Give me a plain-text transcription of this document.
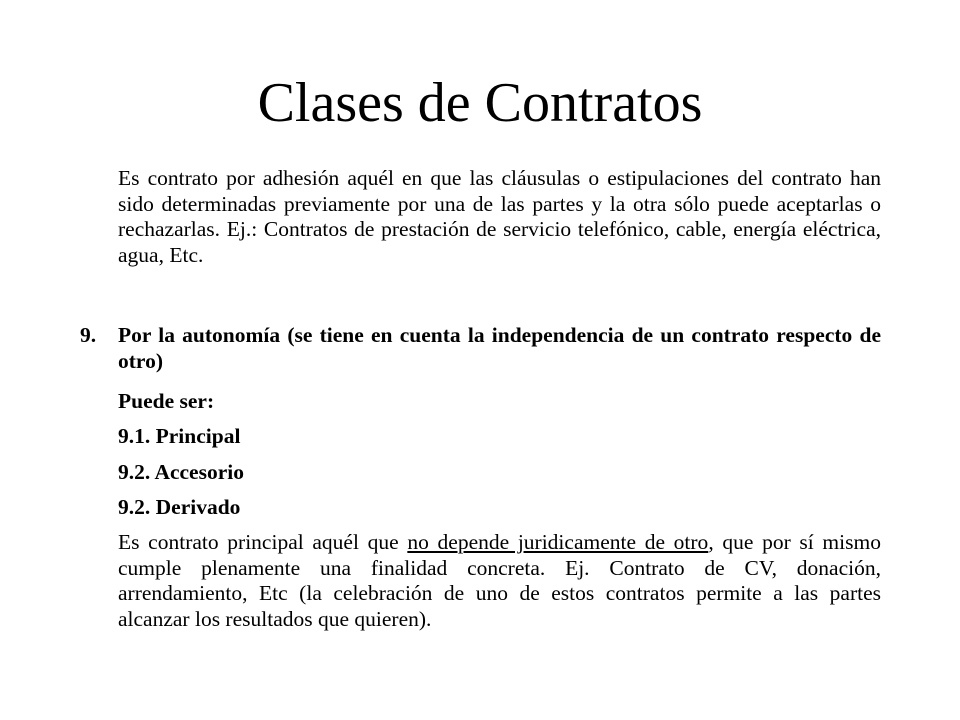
Clases de Contratos

Es contrato por adhesión aquél en que las cláusulas o estipulaciones del contrato han sido determinadas previamente por una de las partes y la otra sólo puede aceptarlas o rechazarlas. Ej.: Contratos de prestación de servicio telefónico, cable, energía eléctrica, agua, Etc.

9. Por la autonomía (se tiene en cuenta la independencia de un contrato respecto de otro)
Puede ser:
9.1. Principal
9.2. Accesorio
9.2. Derivado

Es contrato principal aquél que no depende juridicamente de otro, que por sí mismo cumple plenamente una finalidad concreta. Ej. Contrato de CV, donación, arrendamiento, Etc (la celebración de uno de estos contratos permite a las partes alcanzar los resultados que quieren).
